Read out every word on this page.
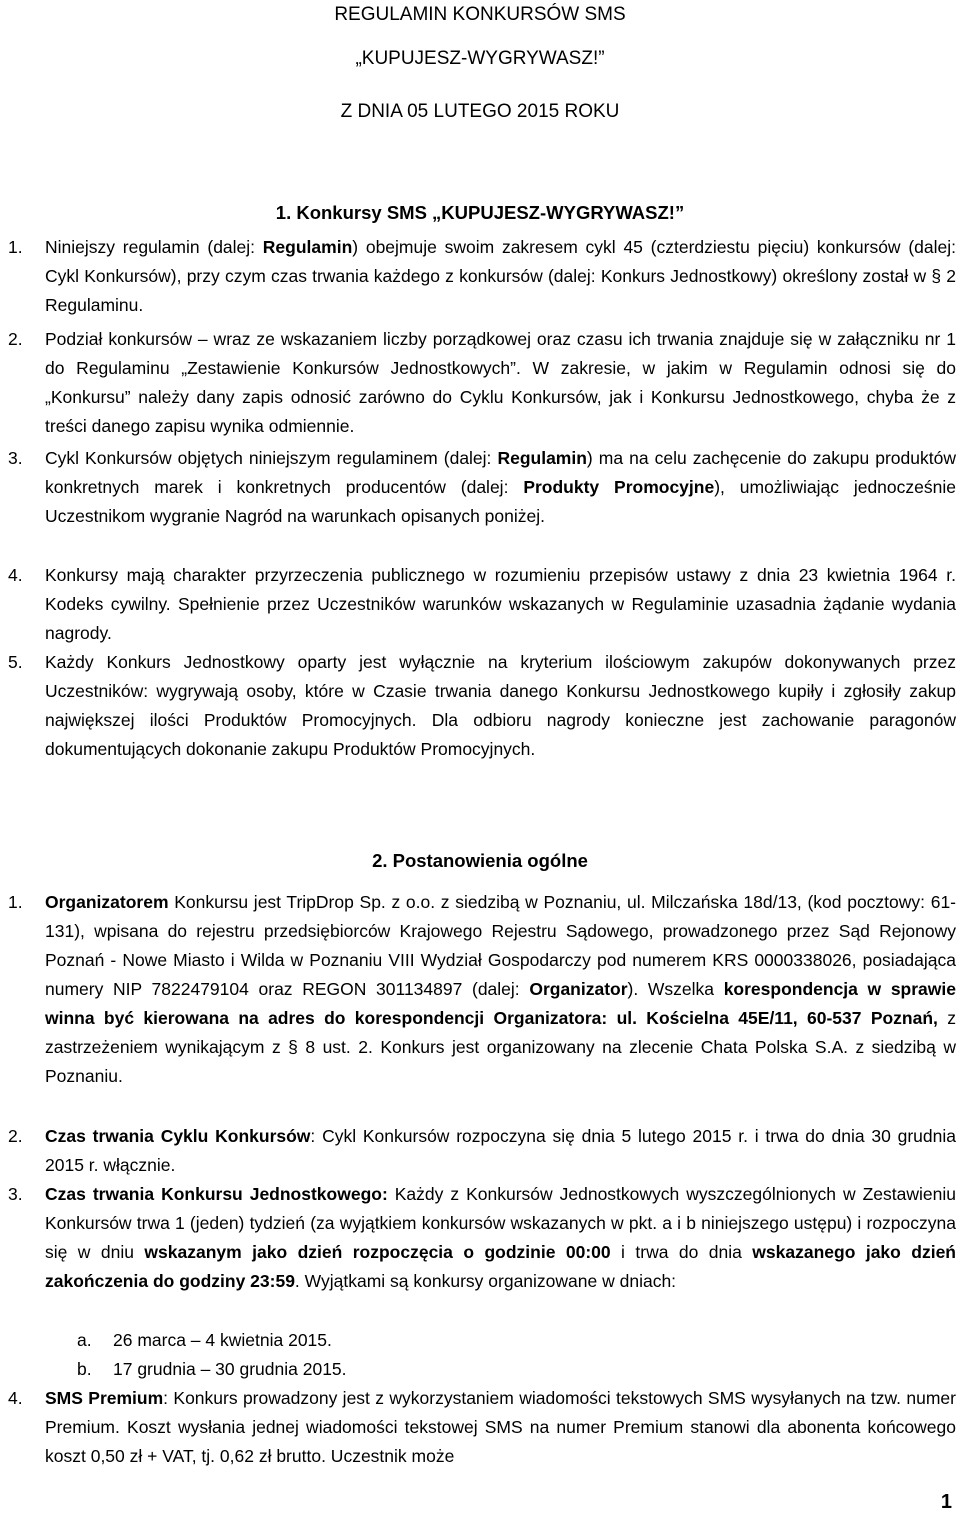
REGULAMIN KONKURSÓW SMS
„KUPUJESZ-WYGRYWASZ!”
Z DNIA 05 LUTEGO 2015 ROKU
1. Konkursy SMS „KUPUJESZ-WYGRYWASZ!”
1.	Niniejszy regulamin (dalej: Regulamin) obejmuje swoim zakresem cykl 45 (czterdziestu pięciu) konkursów (dalej: Cykl Konkursów), przy czym czas trwania każdego z konkursów (dalej: Konkurs Jednostkowy) określony został w § 2 Regulaminu.
2.	Podział konkursów – wraz ze wskazaniem liczby porządkowej oraz czasu ich trwania znajduje się w załączniku nr 1 do Regulaminu „Zestawienie Konkursów Jednostkowych”. W zakresie, w jakim w Regulamin odnosi się do „Konkursu” należy dany zapis odnosić zarówno do Cyklu Konkursów, jak i Konkursu Jednostkowego, chyba że z treści danego zapisu wynika odmiennie.
3.	Cykl Konkursów objętych niniejszym regulaminem (dalej: Regulamin) ma na celu zachęcenie do zakupu produktów konkretnych marek i konkretnych producentów (dalej: Produkty Promocyjne), umożliwiając jednocześnie Uczestnikom wygranie Nagród na warunkach opisanych poniżej.
4.	Konkursy mają charakter przyrzeczenia publicznego w rozumieniu przepisów ustawy z dnia 23 kwietnia 1964 r. Kodeks cywilny. Spełnienie przez Uczestników warunków wskazanych w Regulaminie uzasadnia żądanie wydania nagrody.
5.	Każdy Konkurs Jednostkowy oparty jest wyłącznie na kryterium ilościowym zakupów dokonywanych przez Uczestników: wygrywają osoby, które w Czasie trwania danego Konkursu Jednostkowego kupiły i zgłosiły zakup największej ilości Produktów Promocyjnych. Dla odbioru nagrody konieczne jest zachowanie paragonów dokumentujących dokonanie zakupu Produktów Promocyjnych.
2. Postanowienia ogólne
1.	Organizatorem Konkursu jest TripDrop Sp. z o.o. z siedzibą w Poznaniu, ul. Milczańska 18d/13, (kod pocztowy: 61-131), wpisana do rejestru przedsiębiorców Krajowego Rejestru Sądowego, prowadzonego przez Sąd Rejonowy Poznań - Nowe Miasto i Wilda w Poznaniu VIII Wydział Gospodarczy pod numerem KRS 0000338026, posiadająca numery NIP 7822479104 oraz REGON 301134897 (dalej: Organizator). Wszelka korespondencja w sprawie winna być kierowana na adres do korespondencji Organizatora: ul. Kościelna 45E/11, 60-537 Poznań, z zastrzeżeniem wynikającym z § 8 ust. 2. Konkurs jest organizowany na zlecenie Chata Polska S.A. z siedzibą w Poznaniu.
2.	Czas trwania Cyklu Konkursów: Cykl Konkursów rozpoczyna się dnia 5 lutego 2015 r. i trwa do dnia 30 grudnia 2015 r. włącznie.
3.	Czas trwania Konkursu Jednostkowego: Każdy z Konkursów Jednostkowych wyszczególnionych w Zestawieniu Konkursów trwa 1 (jeden) tydzień (za wyjątkiem konkursów wskazanych w pkt. a i b niniejszego ustępu) i rozpoczyna się w dniu wskazanym jako dzień rozpoczęcia o godzinie 00:00 i trwa do dnia wskazanego jako dzień zakończenia do godziny 23:59. Wyjątkami są konkursy organizowane w dniach:
a. 26 marca – 4 kwietnia 2015.
b. 17 grudnia – 30 grudnia 2015.
4.	SMS Premium: Konkurs prowadzony jest z wykorzystaniem wiadomości tekstowych SMS wysyłanych na tzw. numer Premium. Koszt wysłania jednej wiadomości tekstowej SMS na numer Premium stanowi dla abonenta końcowego koszt 0,50 zł + VAT, tj. 0,62 zł brutto. Uczestnik może
1
